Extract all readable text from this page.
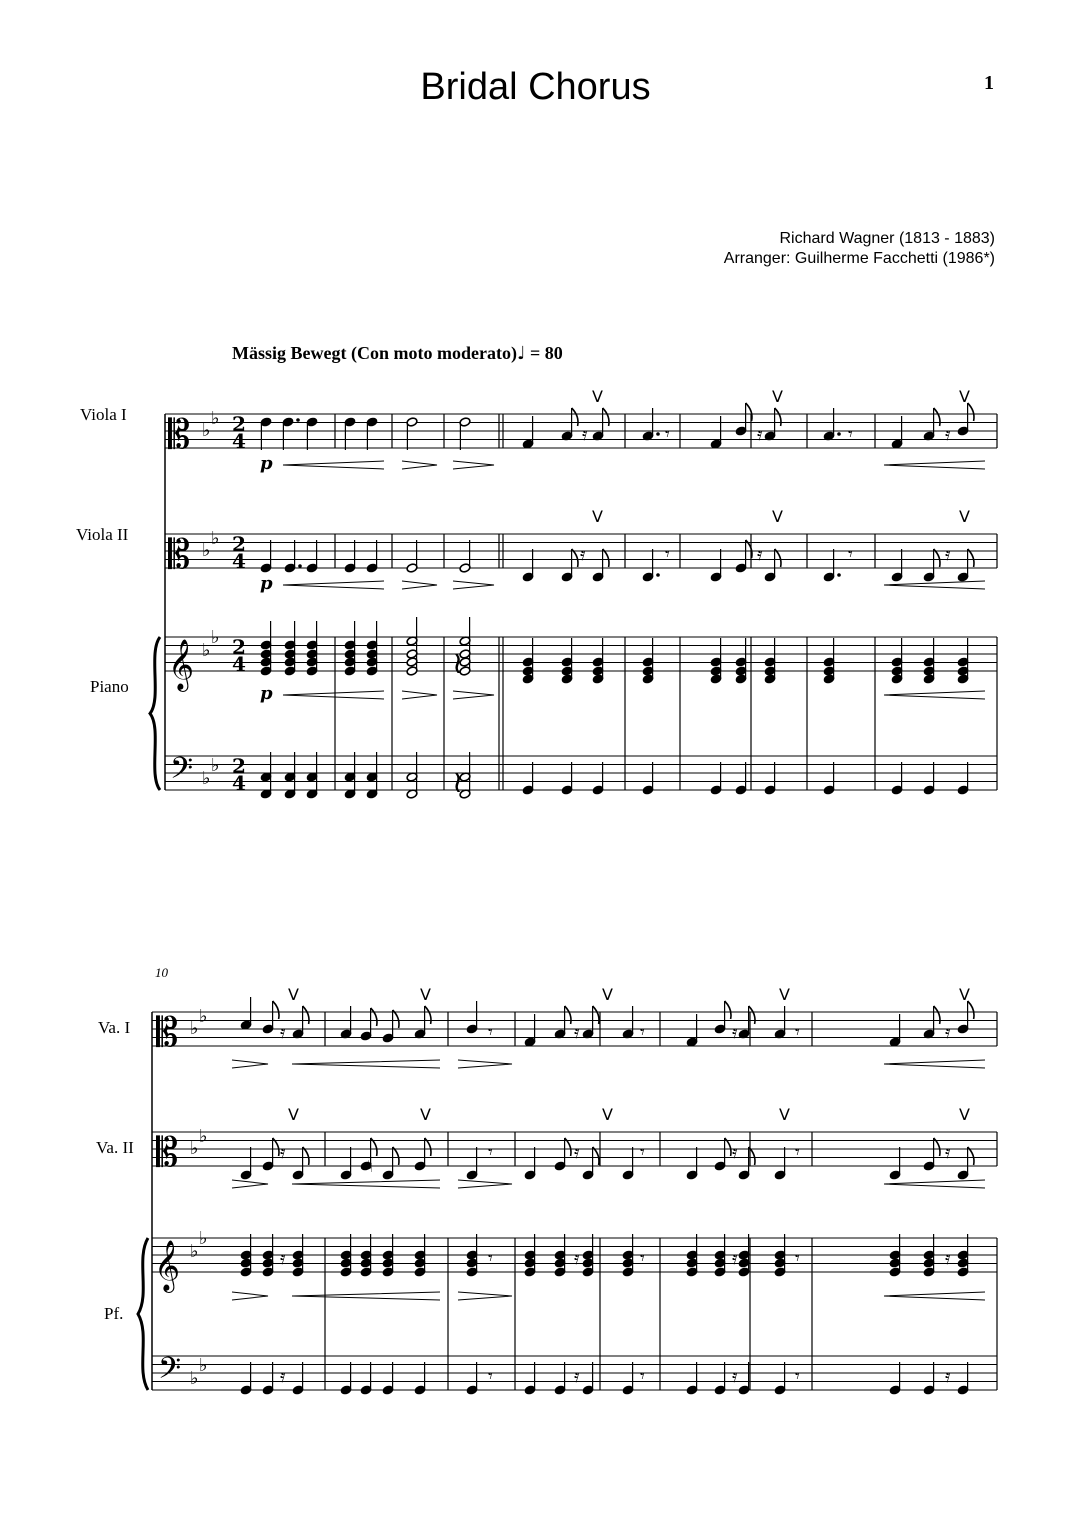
Bridal Chorus	1
Richard Wagner (1813 - 1883)
Arranger: Guilherme Facchetti (1986*)
Mässig Bewegt (Con moto moderato)♩ = 80
Viola I
Viola II
Piano
10
Va. I
Va. II
Pf.
𝄡
𝄡
𝄞
𝄢
♭
♭
♭
♭
♭
♭
♭
♭
2
4
2
4
2
4
2
4
𝄿
V
𝄾	𝄿
V
𝄾	𝄿
V
p
𝄿
V
𝄾	𝄿
V
𝄾	𝄿
V
p
≀
p
≀
𝄡
𝄡
𝄞
𝄢
♭
♭
♭
♭
♭
♭
♭
♭
V	V	V	V	V
𝄿	𝄾	𝄿	𝄾	𝄿	𝄾	𝄿
V	V	V	V	V
𝄿	𝄾	𝄿	𝄾	𝄿	𝄾	𝄿
♮
𝄿	𝄾	𝄿	𝄾	𝄿	𝄾	𝄿
𝄿	𝄾	𝄿	𝄾	𝄿	𝄾	𝄿
